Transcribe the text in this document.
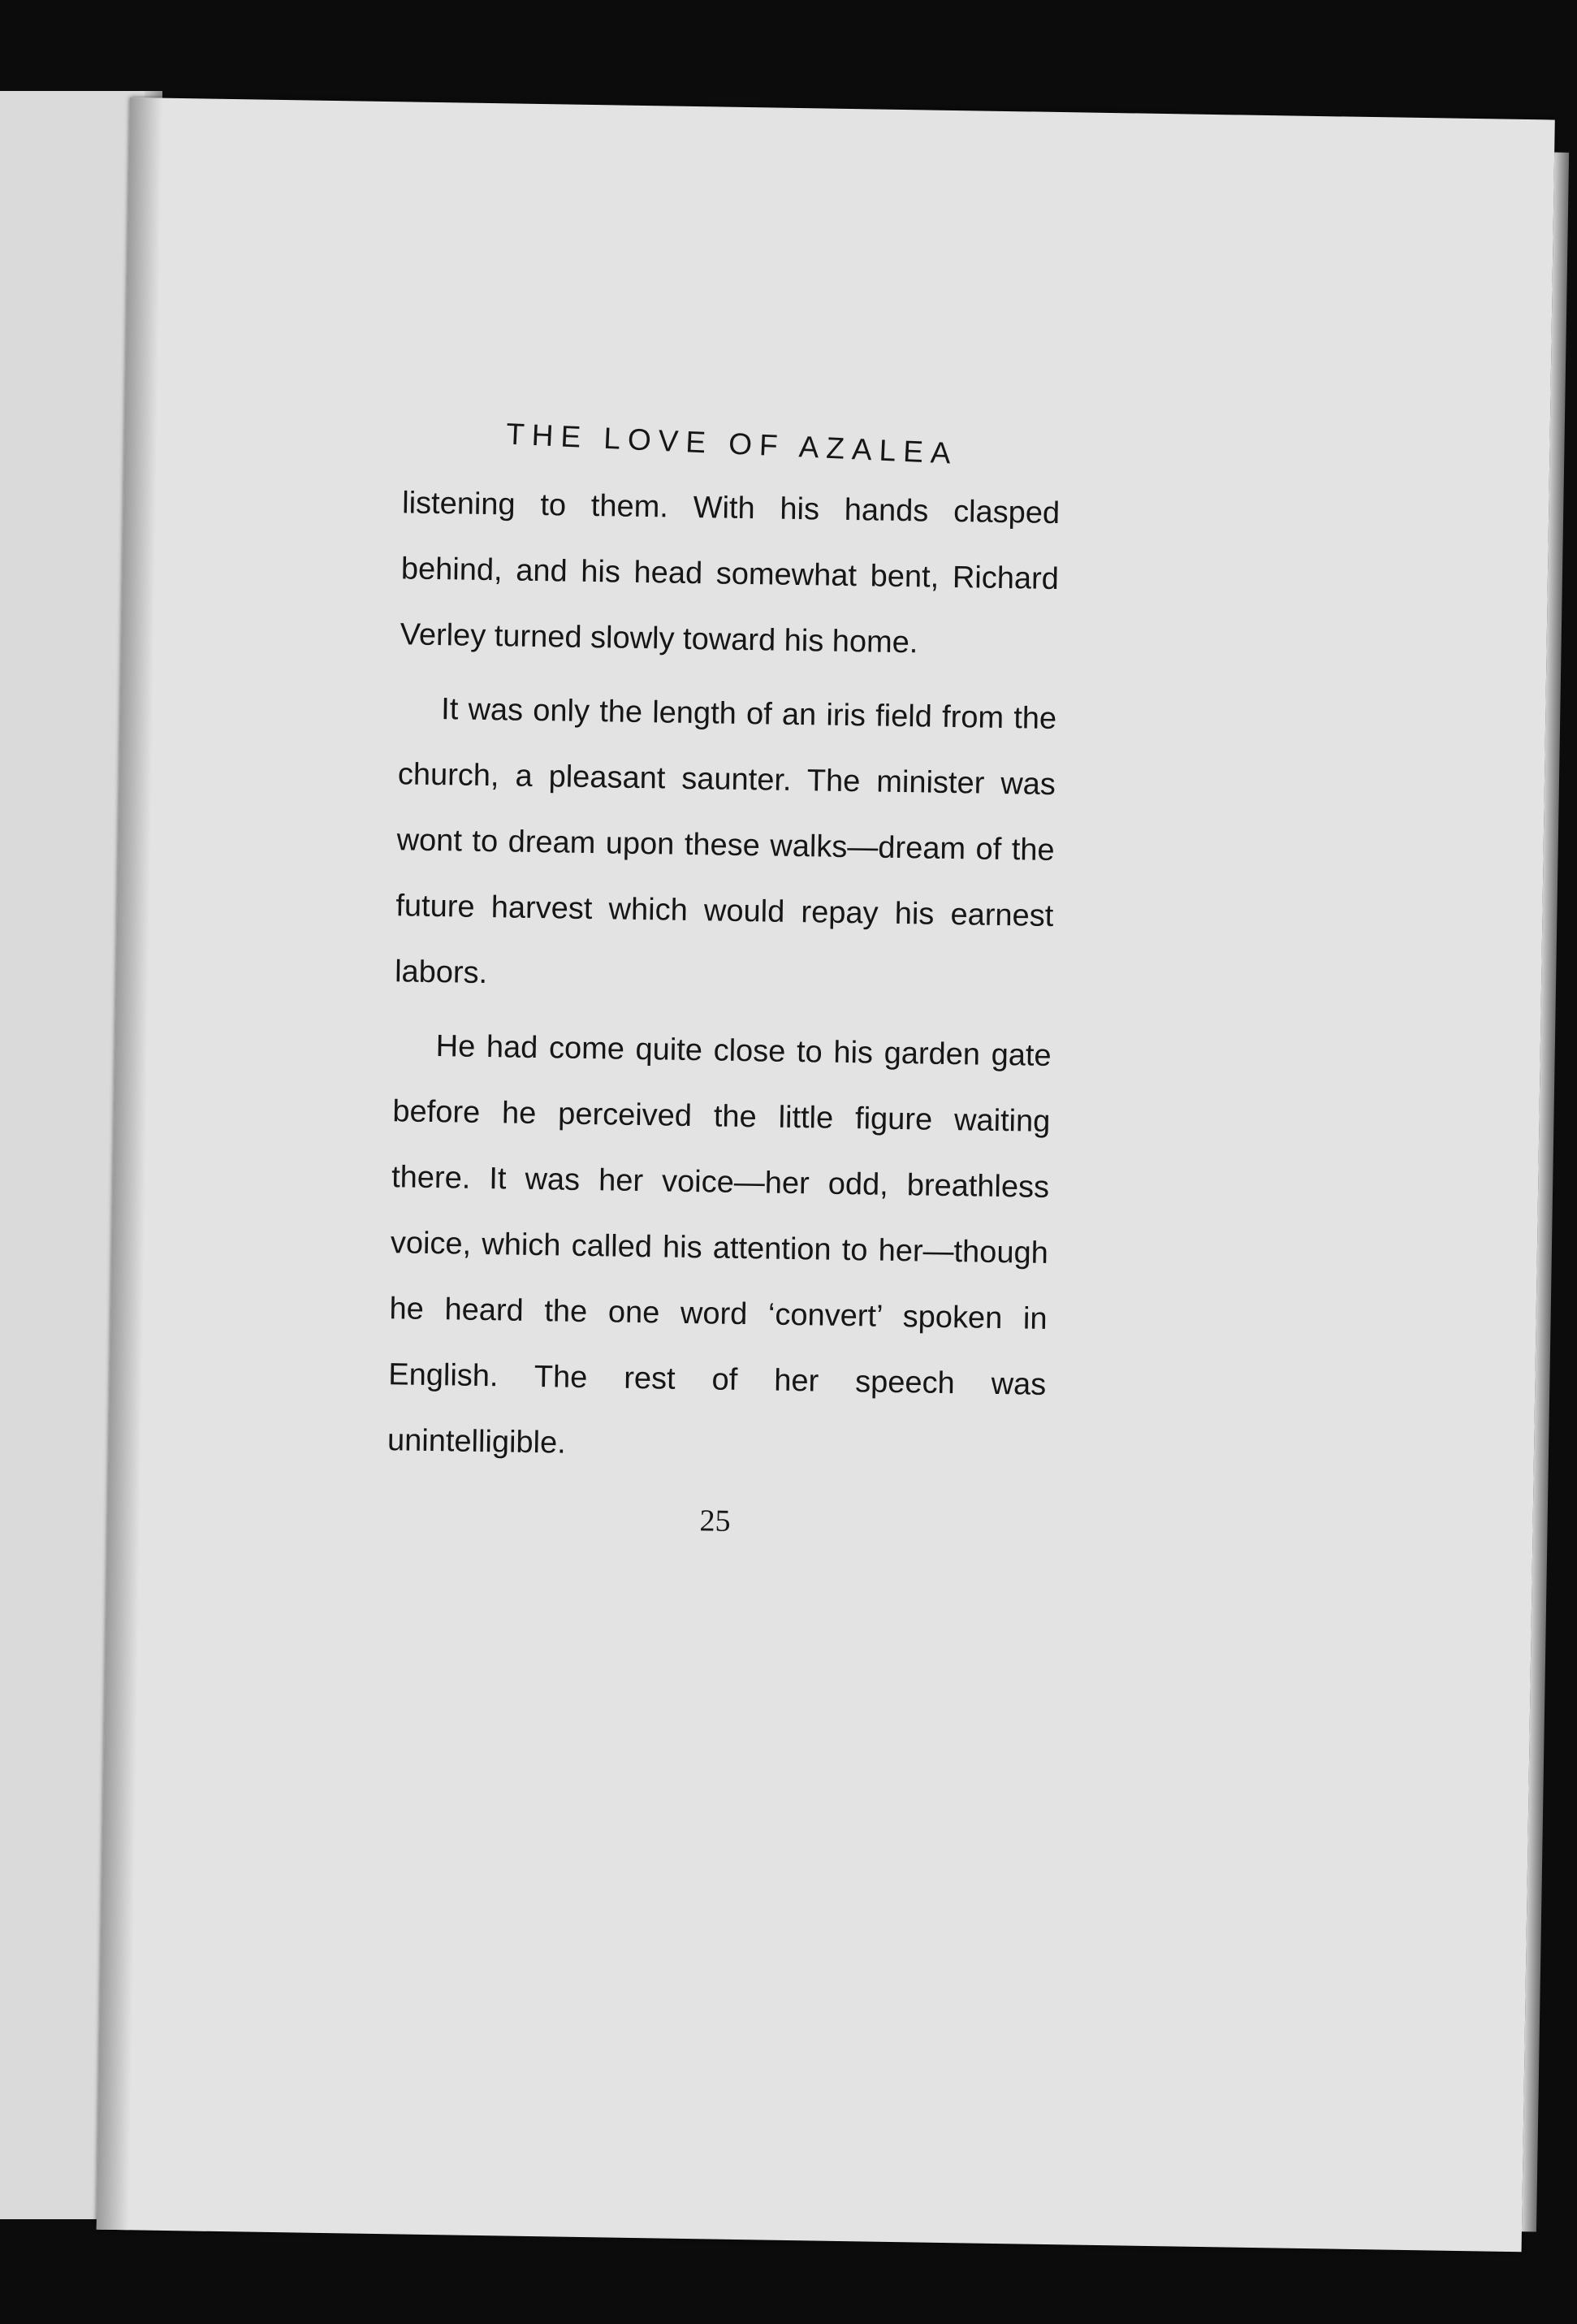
THE LOVE OF AZALEA

listening to them. With his hands clasped behind, and his head somewhat bent, Richard Verley turned slowly toward his home.

It was only the length of an iris field from the church, a pleasant saunter. The minister was wont to dream upon these walks—dream of the future harvest which would repay his earnest labors.

He had come quite close to his garden gate before he perceived the little figure waiting there. It was her voice—her odd, breathless voice, which called his attention to her—though he heard the one word ‘convert’ spoken in English. The rest of her speech was unintelligible.

25
